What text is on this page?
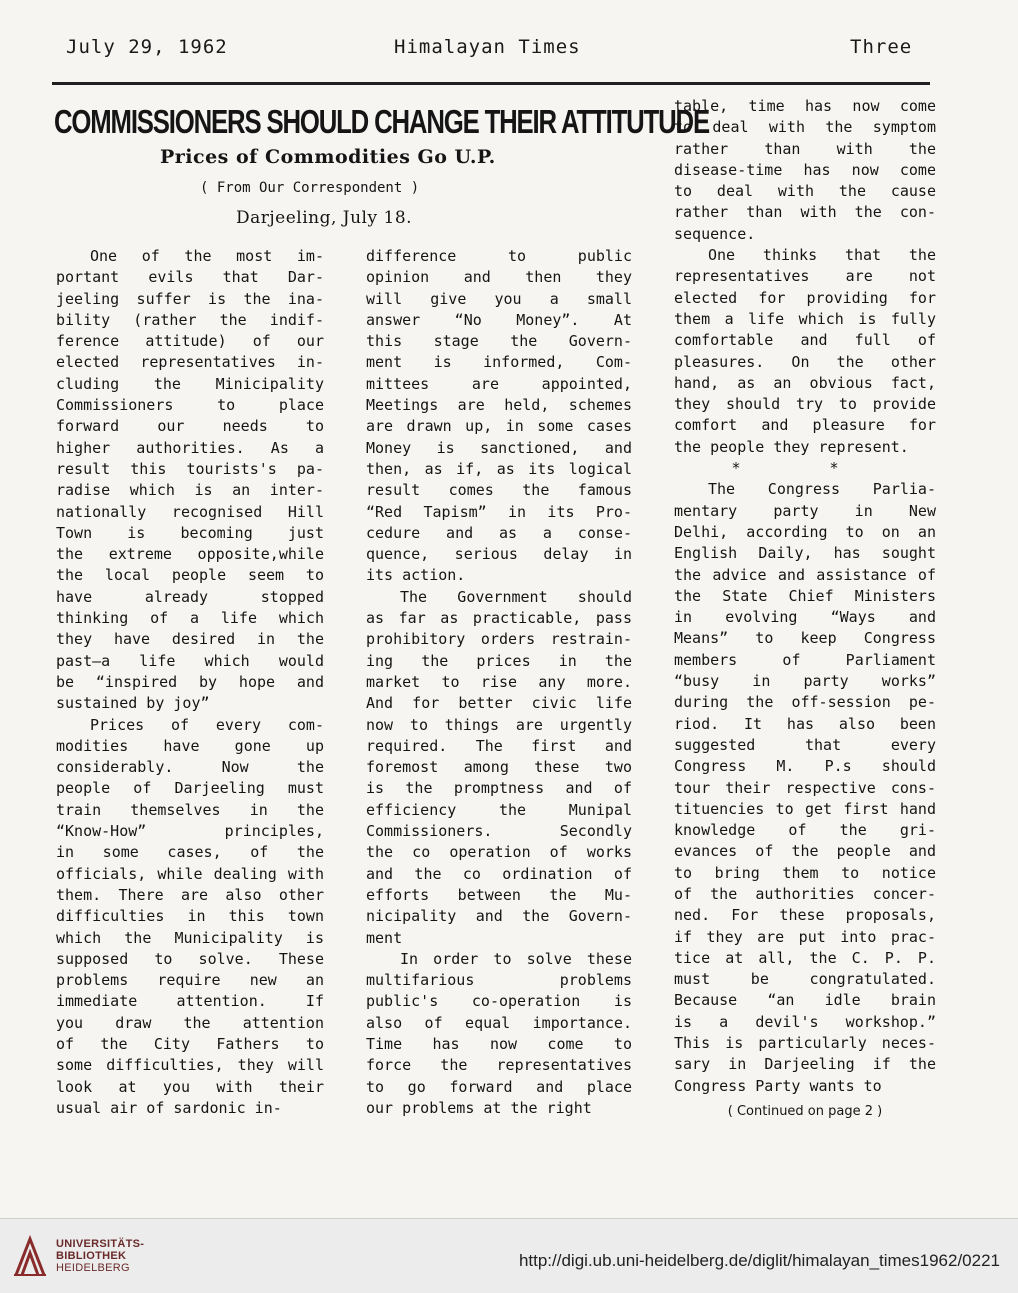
July 29, 1962	Himalayan Times	Three
COMMISSIONERS SHOULD CHANGE THEIR ATTITUTUDE
Prices of Commodities Go U.P.
( From Our Correspondent )
Darjeeling, July 18.
One of the most im-
portant evils that Dar-
jeeling suffer is the ina-
bility (rather the indif-
ference attitude) of our
elected representatives in-
cluding the Minicipality
Commissioners to place
forward our needs to
higher authorities. As a
result this tourists's pa-
radise which is an inter-
nationally recognised Hill
Town is becoming just
the extreme opposite,while
the local people seem to
have already stopped
thinking of a life which
they have desired in the
past—a life which would
be “inspired by hope and
sustained by joy”
Prices of every com-
modities have gone up
considerably. Now the
people of Darjeeling must
train themselves in the
“Know-How” principles,
in some cases, of the
officials, while dealing with
them. There are also other
difficulties in this town
which the Municipality is
supposed to solve. These
problems require new an
immediate attention. If
you draw the attention
of the City Fathers to
some difficulties, they will
look at you with their
usual air of sardonic in-
difference to public
opinion and then they
will give you a small
answer “No Money”. At
this stage the Govern-
ment is informed, Com-
mittees are appointed,
Meetings are held, schemes
are drawn up, in some cases
Money is sanctioned, and
then, as if, as its logical
result comes the famous
“Red Tapism” in its Pro-
cedure and as a conse-
quence, serious delay in
its action.
The Government should
as far as practicable, pass
prohibitory orders restrain-
ing the prices in the
market to rise any more.
And for better civic life
now to things are urgently
required. The first and
foremost among these two
is the promptness and of
efficiency the Munipal
Commissioners. Secondly
the co operation of works
and the co ordination of
efforts between the Mu-
nicipality and the Govern-
ment
In order to solve these
multifarious problems
public's co-operation is
also of equal importance.
Time has now come to
force the representatives
to go forward and place
our problems at the right
table, time has now come
to deal with the symptom
rather than with the
disease-time has now come
to deal with the cause
rather than with the con-
sequence.
One thinks that the
representatives are not
elected for providing for
them a life which is fully
comfortable and full of
pleasures. On the other
hand, as an obvious fact,
they should try to provide
comfort and pleasure for
the people they represent.
* *
The Congress Parlia-
mentary party in New
Delhi, according to on an
English Daily, has sought
the advice and assistance of
the State Chief Ministers
in evolving “Ways and
Means” to keep Congress
members of Parliament
“busy in party works”
during the off-session pe-
riod. It has also been
suggested that every
Congress M. P.s should
tour their respective cons-
tituencies to get first hand
knowledge of the gri-
evances of the people and
to bring them to notice
of the authorities concer-
ned. For these proposals,
if they are put into prac-
tice at all, the C. P. P.
must be congratulated.
Because “an idle brain
is a devil's workshop.”
This is particularly neces-
sary in Darjeeling if the
Congress Party wants to
( Continued on page 2 )
UNIVERSITÄTS-
BIBLIOTHEK
HEIDELBERG	http://digi.ub.uni-heidelberg.de/diglit/himalayan_times1962/0221
